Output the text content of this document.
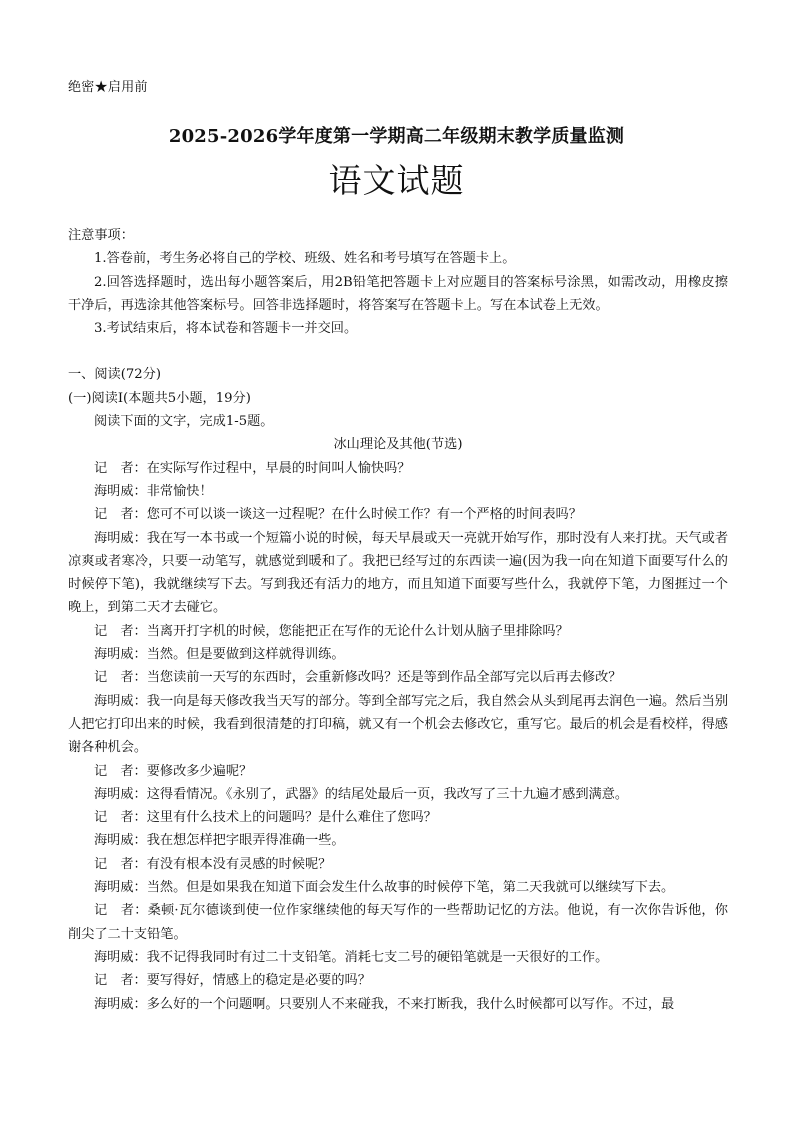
绝密★启用前
2025-2026学年度第一学期高二年级期末教学质量监测
语文试题

注意事项：

1.答卷前，考生务必将自己的学校、班级、姓名和考号填写在答题卡上。

2.回答选择题时，选出每小题答案后，用2B铅笔把答题卡上对应题目的答案标号涂黑，如需改动，用橡皮擦干净后，再选涂其他答案标号。回答非选择题时，将答案写在答题卡上。写在本试卷上无效。

3.考试结束后，将本试卷和答题卡一并交回。

一、阅读(72分)

(一)阅读Ⅰ(本题共5小题，19分)

阅读下面的文字，完成1-5题。

冰山理论及其他(节选)

记　者：在实际写作过程中，早晨的时间叫人愉快吗？

海明威：非常愉快！

记　者：您可不可以谈一谈这一过程呢？在什么时候工作？有一个严格的时间表吗？

海明威：我在写一本书或一个短篇小说的时候，每天早晨或天一亮就开始写作，那时没有人来打扰。天气或者凉爽或者寒冷，只要一动笔写，就感觉到暖和了。我把已经写过的东西读一遍(因为我一向在知道下面要写什么的时候停下笔)，我就继续写下去。写到我还有活力的地方，而且知道下面要写些什么，我就停下笔，力图捱过一个晚上，到第二天才去碰它。

记　者：当离开打字机的时候，您能把正在写作的无论什么计划从脑子里排除吗？

海明威：当然。但是要做到这样就得训练。

记　者：当您读前一天写的东西时，会重新修改吗？还是等到作品全部写完以后再去修改？

海明威：我一向是每天修改我当天写的部分。等到全部写完之后，我自然会从头到尾再去润色一遍。然后当别人把它打印出来的时候，我看到很清楚的打印稿，就又有一个机会去修改它，重写它。最后的机会是看校样，得感谢各种机会。

记　者：要修改多少遍呢？

海明威：这得看情况。《永别了，武器》的结尾处最后一页，我改写了三十九遍才感到满意。

记　者：这里有什么技术上的问题吗？是什么难住了您吗？

海明威：我在想怎样把字眼弄得准确一些。

记　者：有没有根本没有灵感的时候呢？

海明威：当然。但是如果我在知道下面会发生什么故事的时候停下笔，第二天我就可以继续写下去。

记　者：桑顿·瓦尔德谈到使一位作家继续他的每天写作的一些帮助记忆的方法。他说，有一次你告诉他，你削尖了二十支铅笔。

海明威：我不记得我同时有过二十支铅笔。消耗七支二号的硬铅笔就是一天很好的工作。

记　者：要写得好，情感上的稳定是必要的吗？

海明威：多么好的一个问题啊。只要别人不来碰我，不来打断我，我什么时候都可以写作。不过，最
